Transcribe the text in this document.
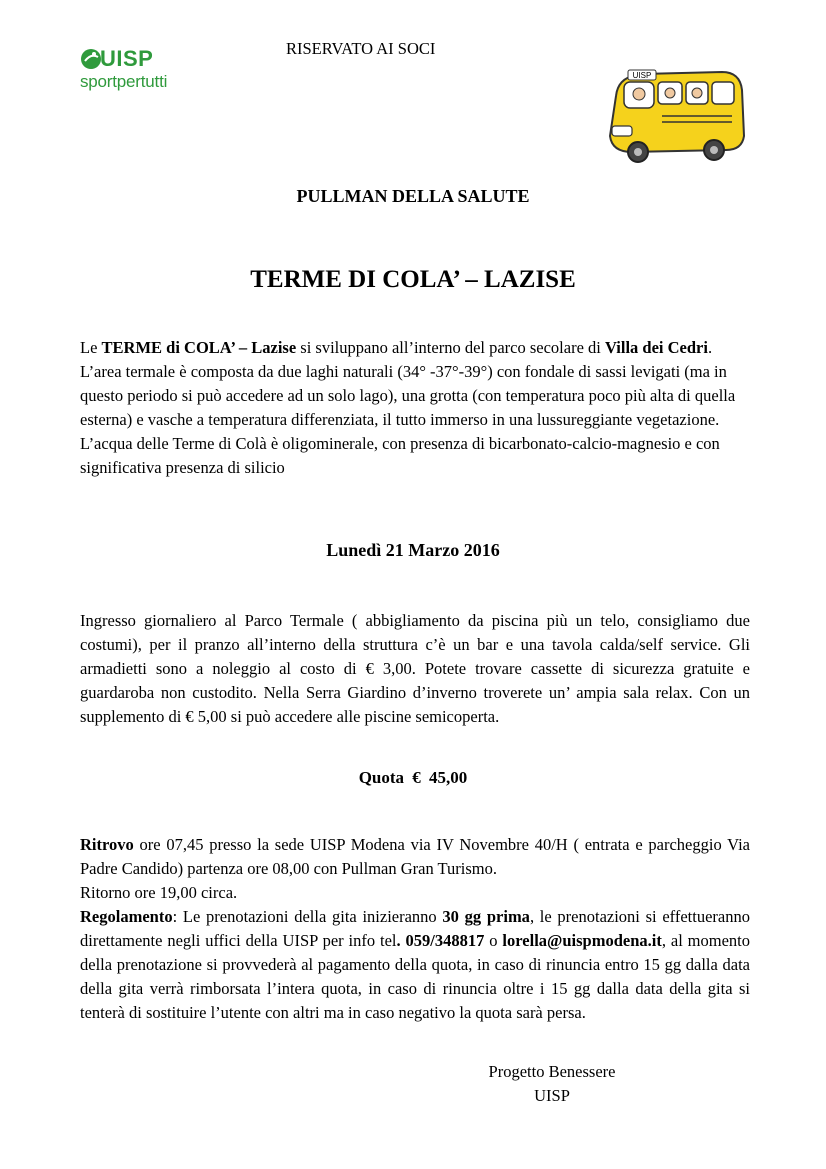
UISP
sportpertutti
RISERVATO AI SOCI
UISP
PULLMAN DELLA SALUTE
TERME DI COLA’ – LAZISE
Le TERME di COLA’ – Lazise si sviluppano all’interno del parco secolare di Villa dei Cedri. L’area termale è composta da due laghi naturali (34° -37°-39°) con fondale di sassi levigati (ma in questo periodo si può accedere ad un solo lago), una grotta (con temperatura poco più alta di quella esterna) e vasche a temperatura differenziata, il tutto immerso in una lussureggiante vegetazione. L’acqua delle Terme di Colà è oligominerale, con presenza di bicarbonato-calcio-magnesio e con significativa presenza di silicio
Lunedì 21 Marzo 2016
Ingresso giornaliero al Parco Termale ( abbigliamento da piscina più un telo, consigliamo due costumi), per il pranzo all’interno della struttura c’è un bar e una tavola calda/self service. Gli armadietti sono a noleggio al costo di € 3,00. Potete trovare cassette di sicurezza gratuite e guardaroba non custodito. Nella Serra Giardino d’inverno troverete un’ ampia sala relax. Con un supplemento di € 5,00 si può accedere alle piscine semicoperta.
Quota € 45,00
Ritrovo ore 07,45 presso la sede UISP Modena via IV Novembre 40/H ( entrata e parcheggio Via Padre Candido) partenza ore 08,00 con Pullman Gran Turismo.
Ritorno ore 19,00 circa.
Regolamento: Le prenotazioni della gita inizieranno 30 gg prima, le prenotazioni si effettueranno direttamente negli uffici della UISP per info tel. 059/348817 o lorella@uispmodena.it, al momento della prenotazione si provvederà al pagamento della quota, in caso di rinuncia entro 15 gg dalla data della gita verrà rimborsata l’intera quota, in caso di rinuncia oltre i 15 gg dalla data della gita si tenterà di sostituire l’utente con altri ma in caso negativo la quota sarà persa.
Progetto Benessere
UISP
